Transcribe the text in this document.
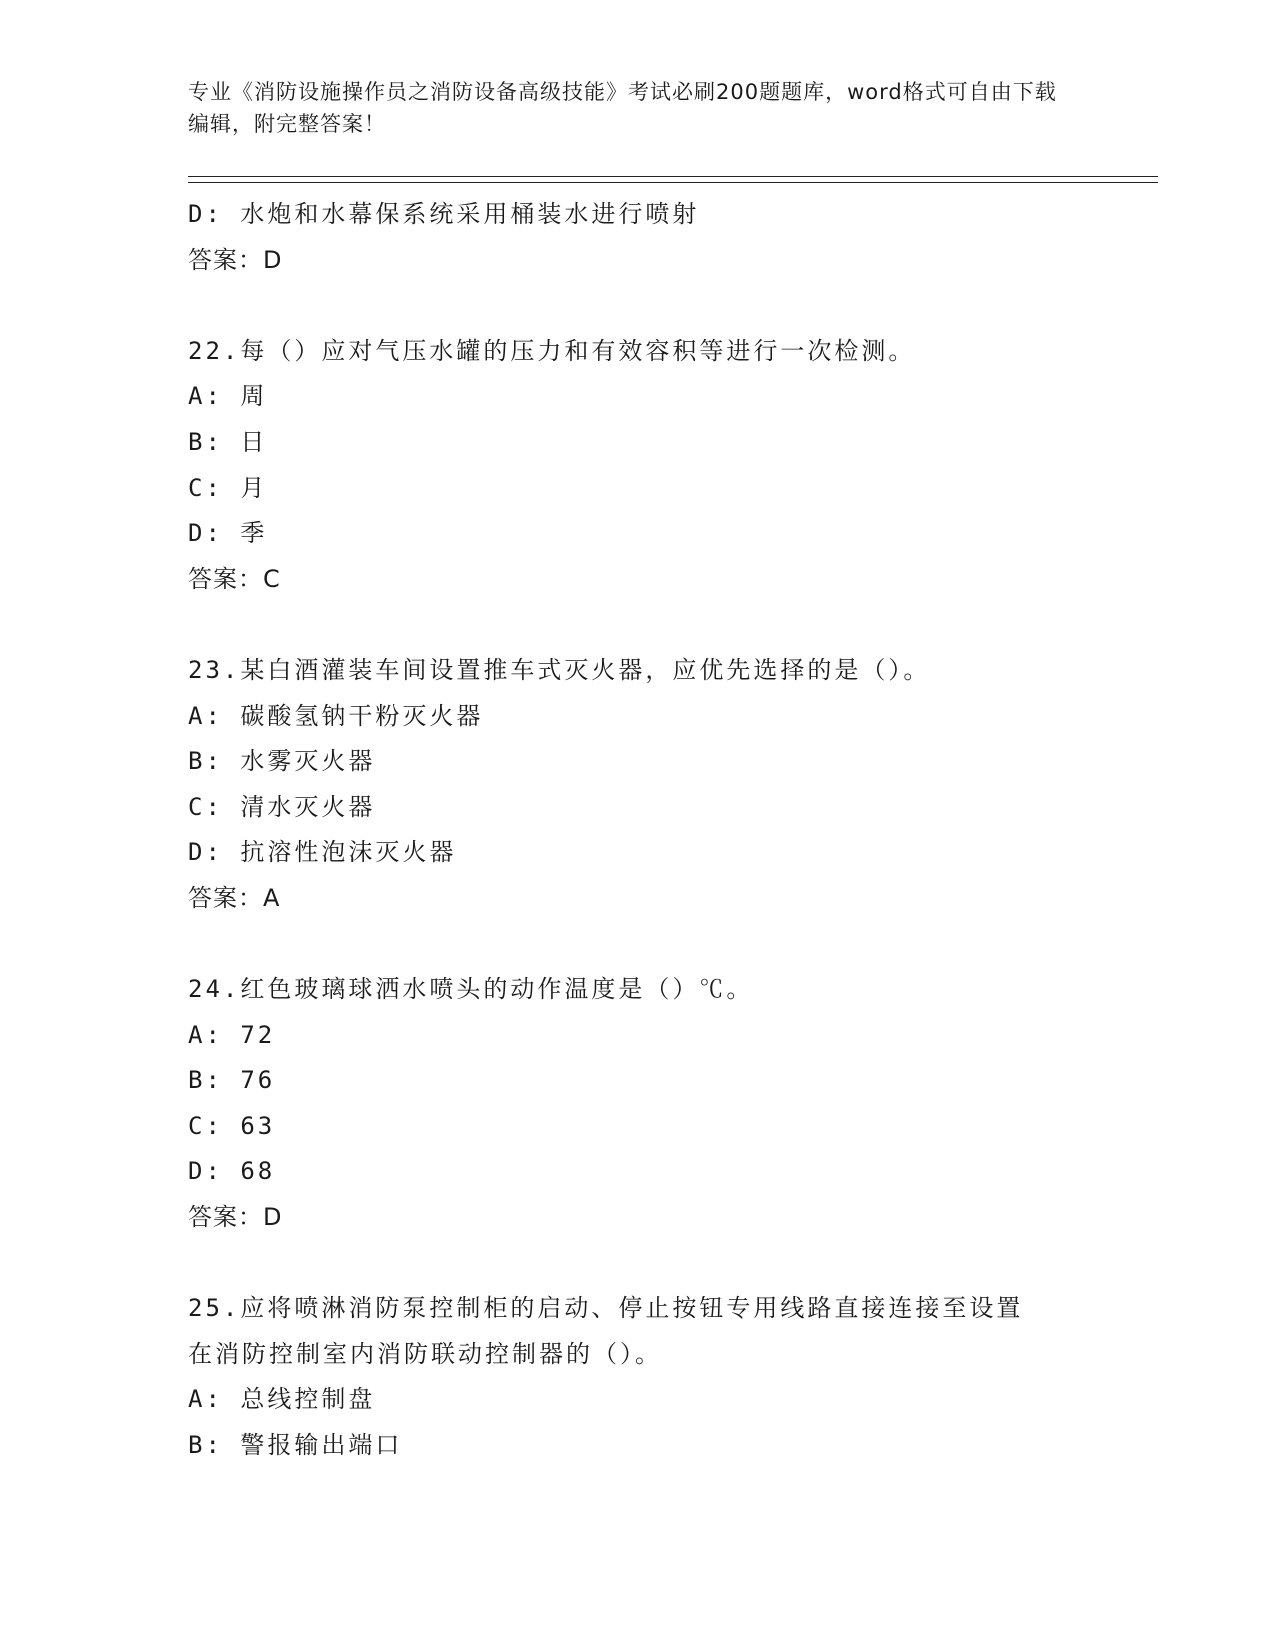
专业《消防设施操作员之消防设备高级技能》考试必刷200题题库，word格式可自由下载编辑，附完整答案！
D: 水炮和水幕保系统采用桶装水进行喷射
答案：D
22.每（）应对气压水罐的压力和有效容积等进行一次检测。
A: 周
B: 日
C: 月
D: 季
答案：C
23.某白酒灌装车间设置推车式灭火器，应优先选择的是（）。
A: 碳酸氢钠干粉灭火器
B: 水雾灭火器
C: 清水灭火器
D: 抗溶性泡沫灭火器
答案：A
24.红色玻璃球洒水喷头的动作温度是（）℃。
A: 72
B: 76
C: 63
D: 68
答案：D
25.应将喷淋消防泵控制柜的启动、停止按钮专用线路直接连接至设置
在消防控制室内消防联动控制器的（）。
A: 总线控制盘
B: 警报输出端口
